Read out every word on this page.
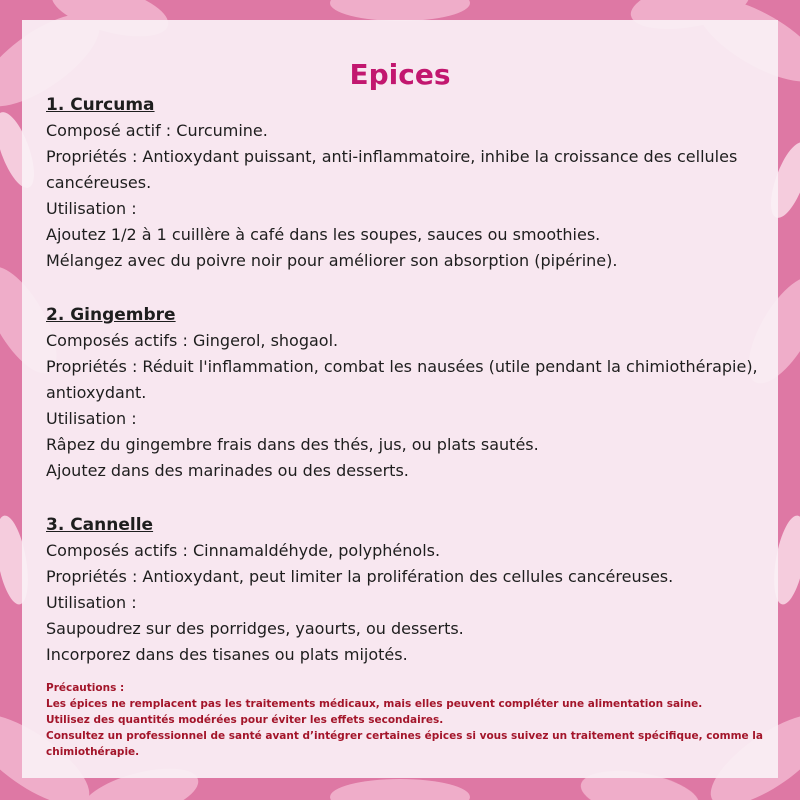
Epices
1. Curcuma
Composé actif : Curcumine.
Propriétés : Antioxydant puissant, anti-inflammatoire, inhibe la croissance des cellules cancéreuses.
Utilisation :
Ajoutez 1/2 à 1 cuillère à café dans les soupes, sauces ou smoothies.
Mélangez avec du poivre noir pour améliorer son absorption (pipérine).
2. Gingembre
Composés actifs : Gingerol, shogaol.
Propriétés : Réduit l'inflammation, combat les nausées (utile pendant la chimiothérapie), antioxydant.
Utilisation :
Râpez du gingembre frais dans des thés, jus, ou plats sautés.
Ajoutez dans des marinades ou des desserts.
3. Cannelle
Composés actifs : Cinnamaldéhyde, polyphénols.
Propriétés : Antioxydant, peut limiter la prolifération des cellules cancéreuses.
Utilisation :
Saupoudrez sur des porridges, yaourts, ou desserts.
Incorporez dans des tisanes ou plats mijotés.
Précautions :
Les épices ne remplacent pas les traitements médicaux, mais elles peuvent compléter une alimentation saine.
Utilisez des quantités modérées pour éviter les effets secondaires.
Consultez un professionnel de santé avant d’intégrer certaines épices si vous suivez un traitement spécifique, comme la chimiothérapie.
